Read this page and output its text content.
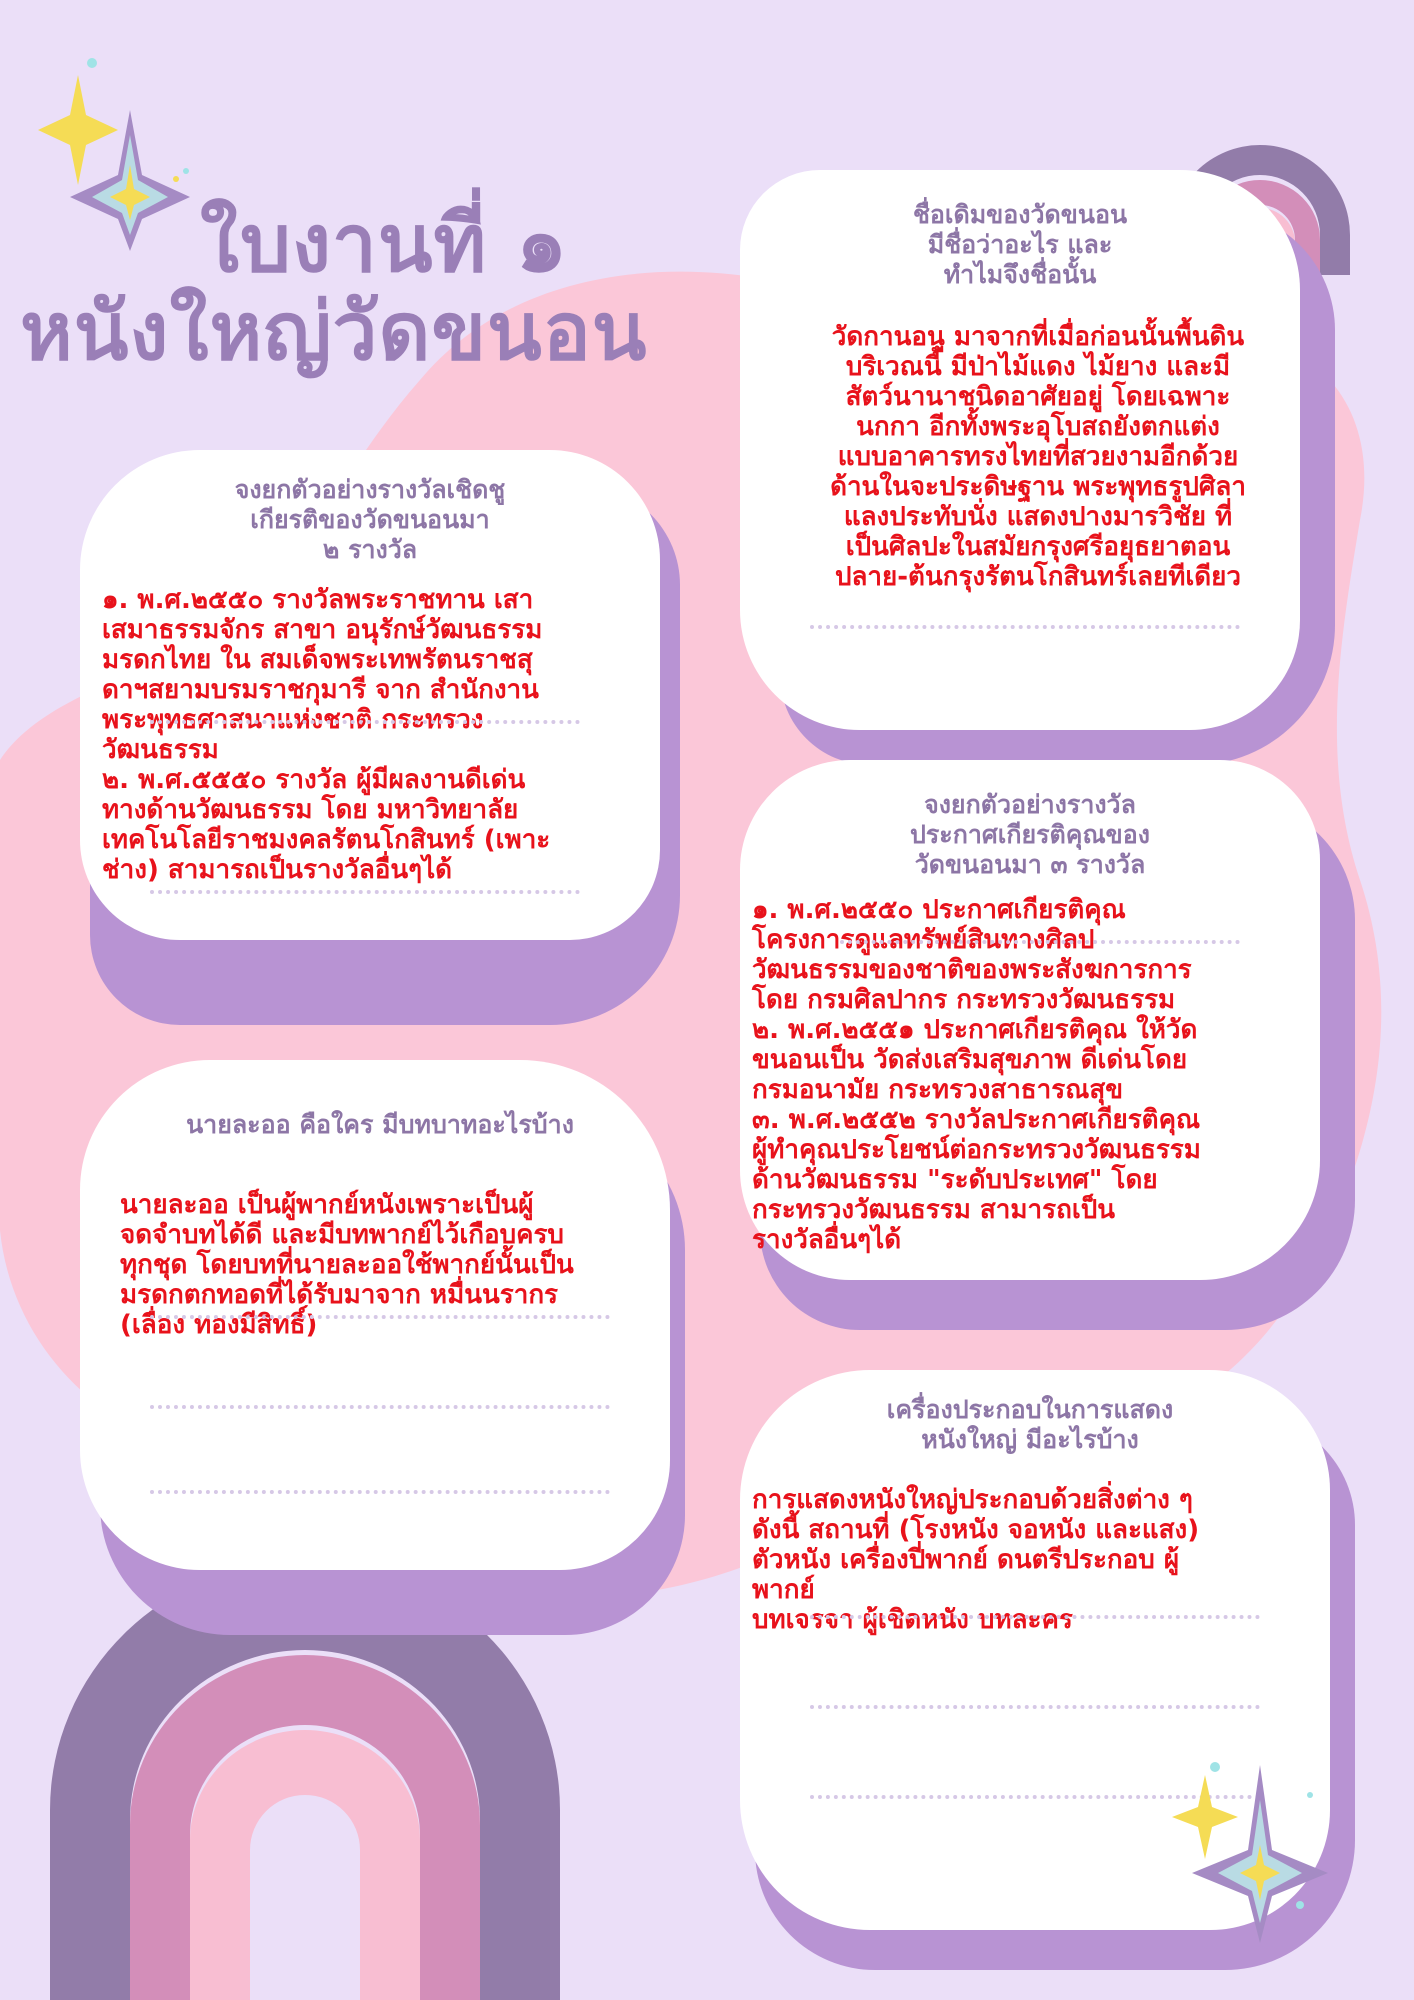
ใบงานที่ ๑
หนังใหญ่วัดขนอน
ชื่อเดิมของวัดขนอน
มีชื่อว่าอะไร และ
ทำไมจึงชื่อนั้น
วัดกานอนู มาจากที่เมื่อก่อนนั้นพื้นดิน
บริเวณนี้ มีป่าไม้แดง ไม้ยาง และมี
สัตว์นานาชนิดอาศัยอยู่ โดยเฉพาะ
นกกา อีกทั้งพระอุโบสถยังตกแต่ง
แบบอาคารทรงไทยที่สวยงามอีกด้วย
ด้านในจะประดิษฐาน พระพุทธรูปศิลา
แลงประทับนั่ง แสดงปางมารวิชัย ที่
เป็นศิลปะในสมัยกรุงศรีอยุธยาตอน
ปลาย-ต้นกรุงรัตนโกสินทร์เลยทีเดียว
จงยกตัวอย่างรางวัลเชิดชู
เกียรติของวัดขนอนมา
๒ รางวัล
๑. พ.ศ.๒๕๕๐ รางวัลพระราชทาน เสา
เสมาธรรมจักร สาขา อนุรักษ์วัฒนธรรม
มรดกไทย ใน สมเด็จพระเทพรัตนราชสุ
ดาฯสยามบรมราชกุมารี จาก สำนักงาน
พระพุทธศาสนาแห่งชาติ กระทรวง
วัฒนธรรม
๒. พ.ศ.๕๕๕๐ รางวัล ผู้มีผลงานดีเด่น
ทางด้านวัฒนธรรม โดย มหาวิทยาลัย
เทคโนโลยีราชมงคลรัตนโกสินทร์ (เพาะ
ช่าง) สามารถเป็นรางวัลอื่นๆได้
จงยกตัวอย่างรางวัล
ประกาศเกียรติคุณของ
วัดขนอนมา ๓ รางวัล
๑. พ.ศ.๒๕๕๐ ประกาศเกียรติคุณ
โครงการดูแลทรัพย์สินทางศิลป
วัฒนธรรมของชาติของพระสังฆการการ
โดย กรมศิลปากร กระทรวงวัฒนธรรม
๒. พ.ศ.๒๕๕๑ ประกาศเกียรติคุณ ให้วัด
ขนอนเป็น วัดส่งเสริมสุขภาพ ดีเด่นโดย
กรมอนามัย กระทรวงสาธารณสุข
๓. พ.ศ.๒๕๕๒ รางวัลประกาศเกียรติคุณ
ผู้ทำคุณประโยชน์ต่อกระทรวงวัฒนธรรม
ด้านวัฒนธรรม "ระดับประเทศ" โดย
กระทรวงวัฒนธรรม สามารถเป็น
รางวัลอื่นๆได้
นายละออ คือใคร มีบทบาทอะไรบ้าง
นายละออ เป็นผู้พากย์หนังเพราะเป็นผู้
จดจำบทได้ดี และมีบทพากย์ไว้เกือบครบ
ทุกชุด โดยบทที่นายละออใช้พากย์นั้นเป็น
มรดกตกทอดที่ได้รับมาจาก หมื่นนรากร
(เลื่อง ทองมีสิทธิ์)
เครื่องประกอบในการแสดง
หนังใหญ่ มีอะไรบ้าง
การแสดงหนังใหญ่ประกอบด้วยสิ่งต่าง ๆ
ดังนี้ สถานที่ (โรงหนัง จอหนัง และแสง)
ตัวหนัง เครื่องปี่พากย์ ดนตรีประกอบ ผู้
พากย์
บทเจรจา ผู้เชิดหนัง บทละคร
